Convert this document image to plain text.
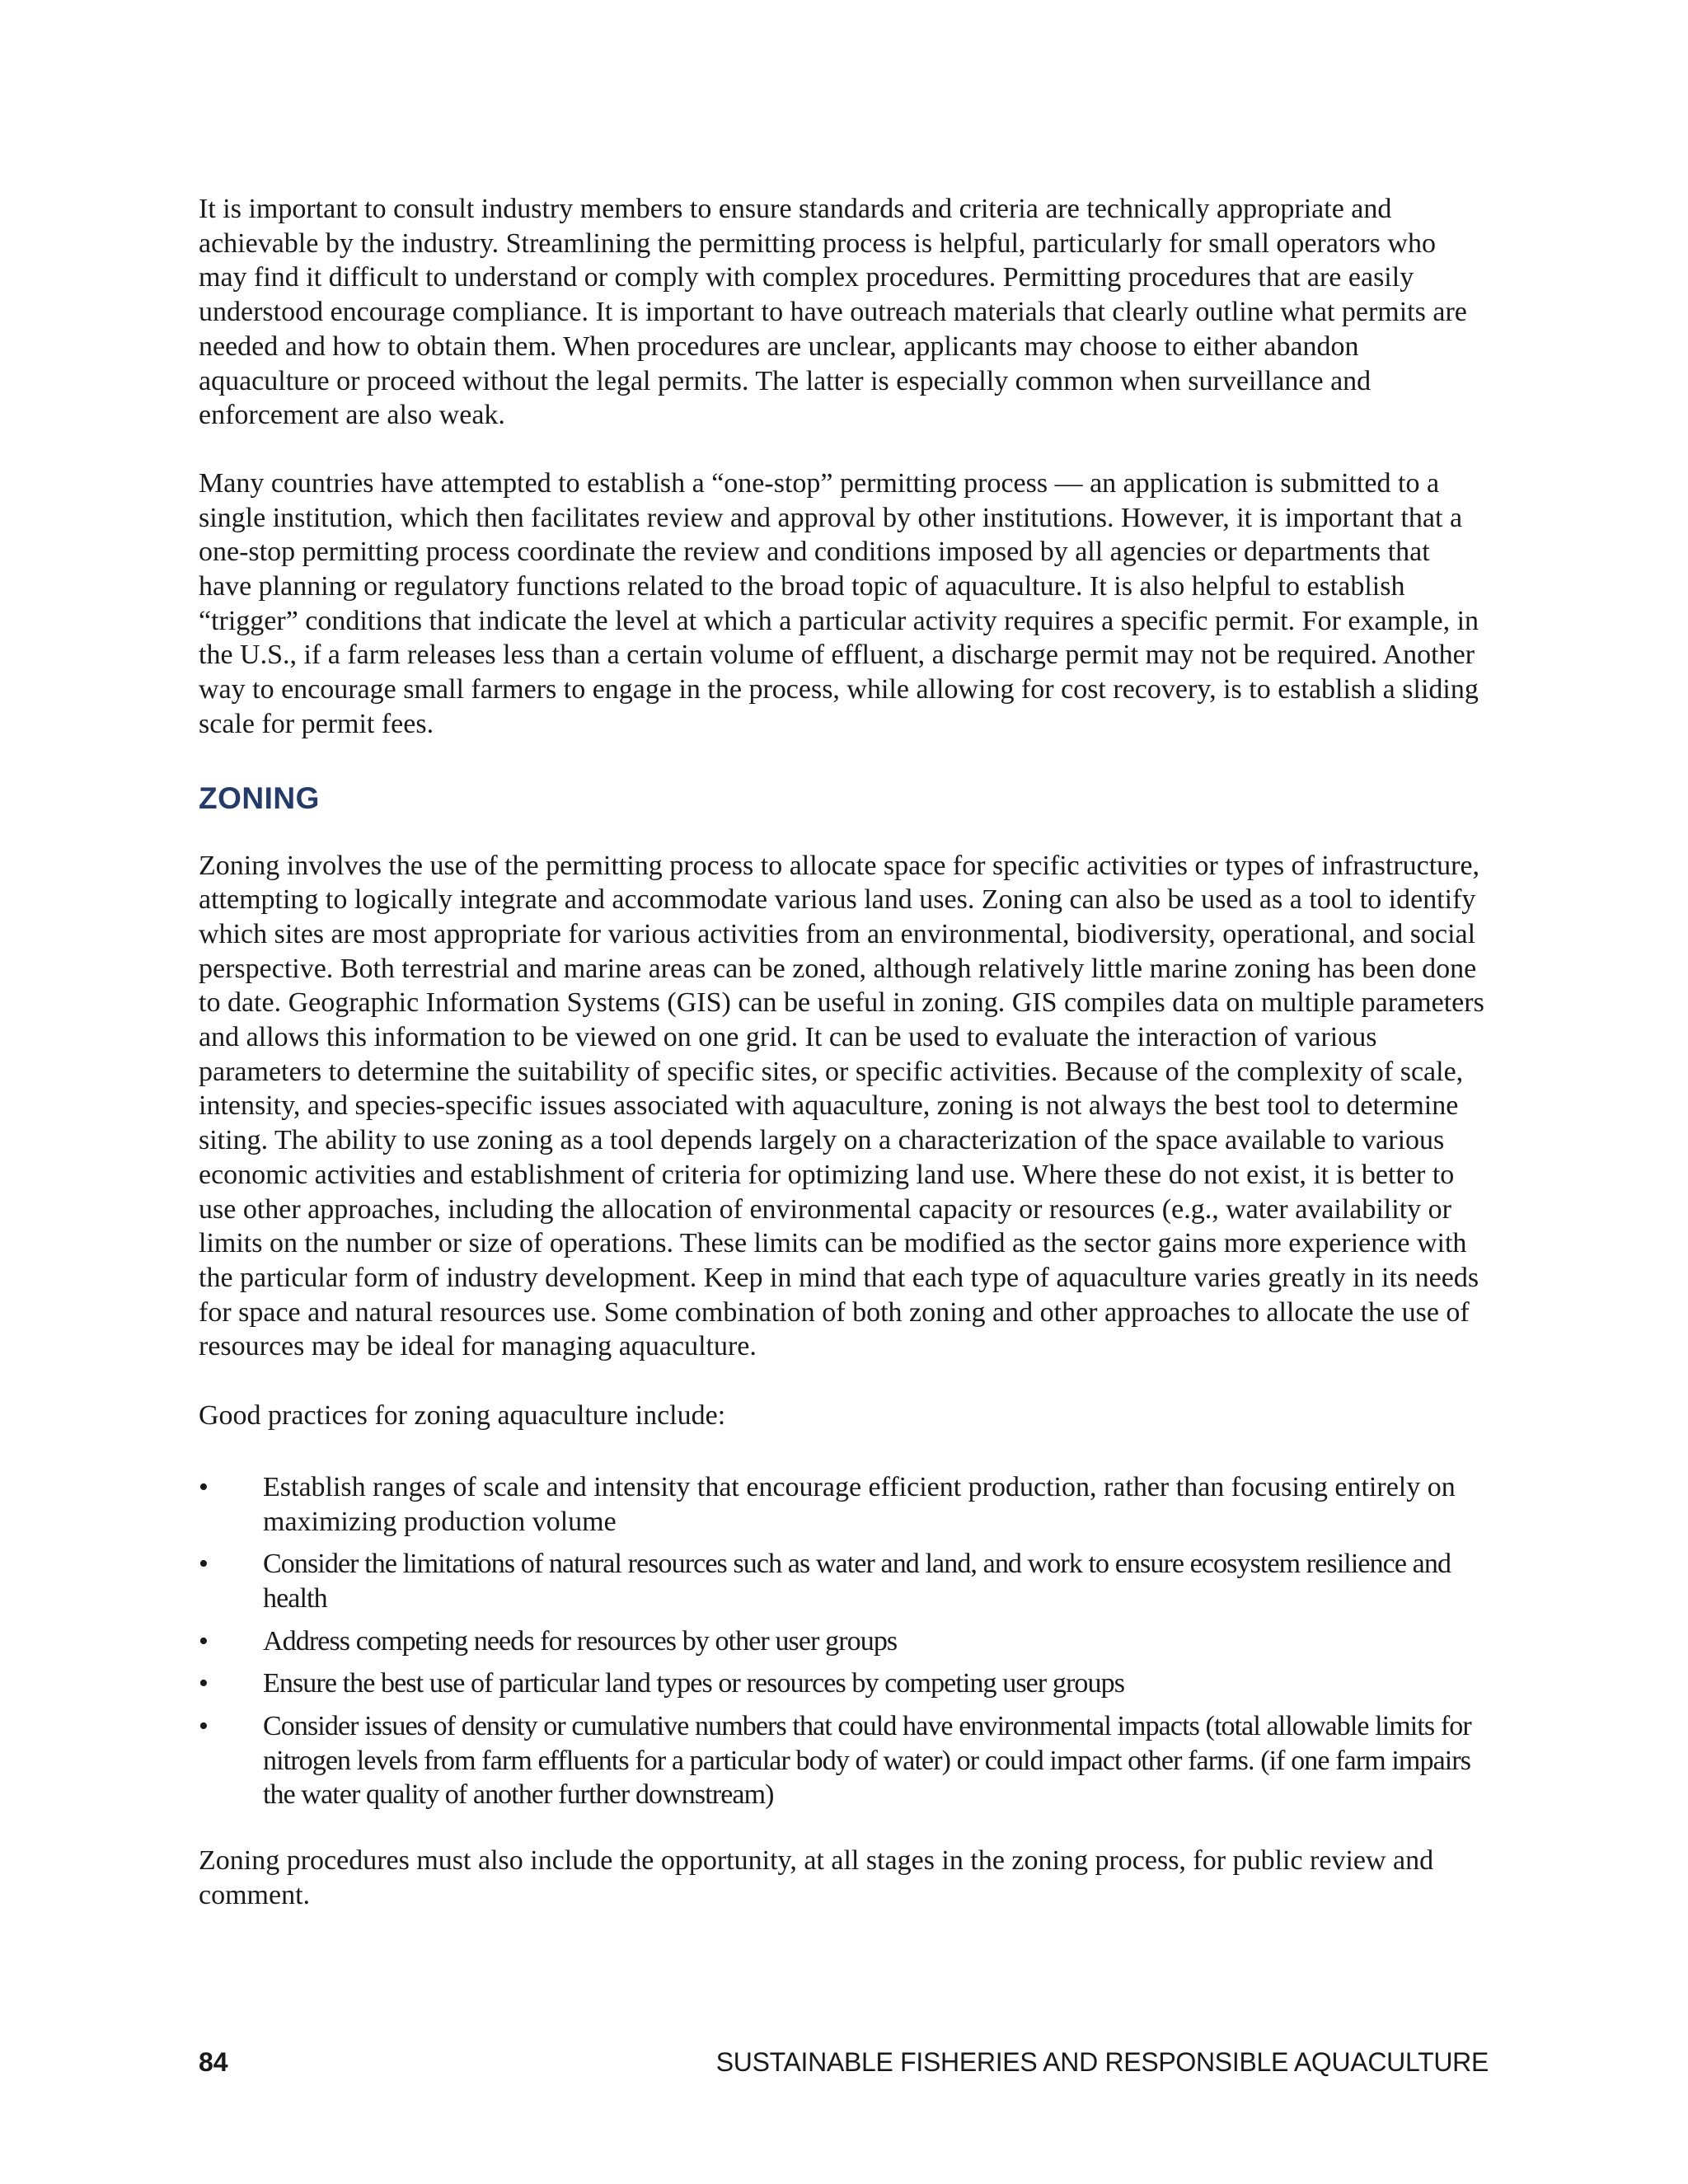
It is important to consult industry members to ensure standards and criteria are technically appropriate and achievable by the industry. Streamlining the permitting process is helpful, particularly for small operators who may find it difficult to understand or comply with complex procedures. Permitting procedures that are easily understood encourage compliance. It is important to have outreach materials that clearly outline what permits are needed and how to obtain them. When procedures are unclear, applicants may choose to either abandon aquaculture or proceed without the legal permits. The latter is especially common when surveillance and enforcement are also weak.

Many countries have attempted to establish a “one-stop” permitting process — an application is submitted to a single institution, which then facilitates review and approval by other institutions. However, it is important that a one-stop permitting process coordinate the review and conditions imposed by all agencies or departments that have planning or regulatory functions related to the broad topic of aquaculture. It is also helpful to establish “trigger” conditions that indicate the level at which a particular activity requires a specific permit. For example, in the U.S., if a farm releases less than a certain volume of effluent, a discharge permit may not be required. Another way to encourage small farmers to engage in the process, while allowing for cost recovery, is to establish a sliding scale for permit fees.

ZONING

Zoning involves the use of the permitting process to allocate space for specific activities or types of infrastructure, attempting to logically integrate and accommodate various land uses. Zoning can also be used as a tool to identify which sites are most appropriate for various activities from an environmental, biodiversity, operational, and social perspective. Both terrestrial and marine areas can be zoned, although relatively little marine zoning has been done to date. Geographic Information Systems (GIS) can be useful in zoning. GIS compiles data on multiple parameters and allows this information to be viewed on one grid. It can be used to evaluate the interaction of various parameters to determine the suitability of specific sites, or specific activities. Because of the complexity of scale, intensity, and species-specific issues associated with aquaculture, zoning is not always the best tool to determine siting. The ability to use zoning as a tool depends largely on a characterization of the space available to various economic activities and establishment of criteria for optimizing land use. Where these do not exist, it is better to use other approaches, including the allocation of environmental capacity or resources (e.g., water availability or limits on the number or size of operations. These limits can be modified as the sector gains more experience with the particular form of industry development. Keep in mind that each type of aquaculture varies greatly in its needs for space and natural resources use. Some combination of both zoning and other approaches to allocate the use of resources may be ideal for managing aquaculture.

Good practices for zoning aquaculture include:

•	Establish ranges of scale and intensity that encourage efficient production, rather than focusing entirely on maximizing production volume
•	Consider the limitations of natural resources such as water and land, and work to ensure ecosystem resilience and health
•	Address competing needs for resources by other user groups
•	Ensure the best use of particular land types or resources by competing user groups
•	Consider issues of density or cumulative numbers that could have environmental impacts (total allowable limits for nitrogen levels from farm effluents for a particular body of water) or could impact other farms. (if one farm impairs the water quality of another further downstream)

Zoning procedures must also include the opportunity, at all stages in the zoning process, for public review and comment.

84	SUSTAINABLE FISHERIES AND RESPONSIBLE AQUACULTURE
